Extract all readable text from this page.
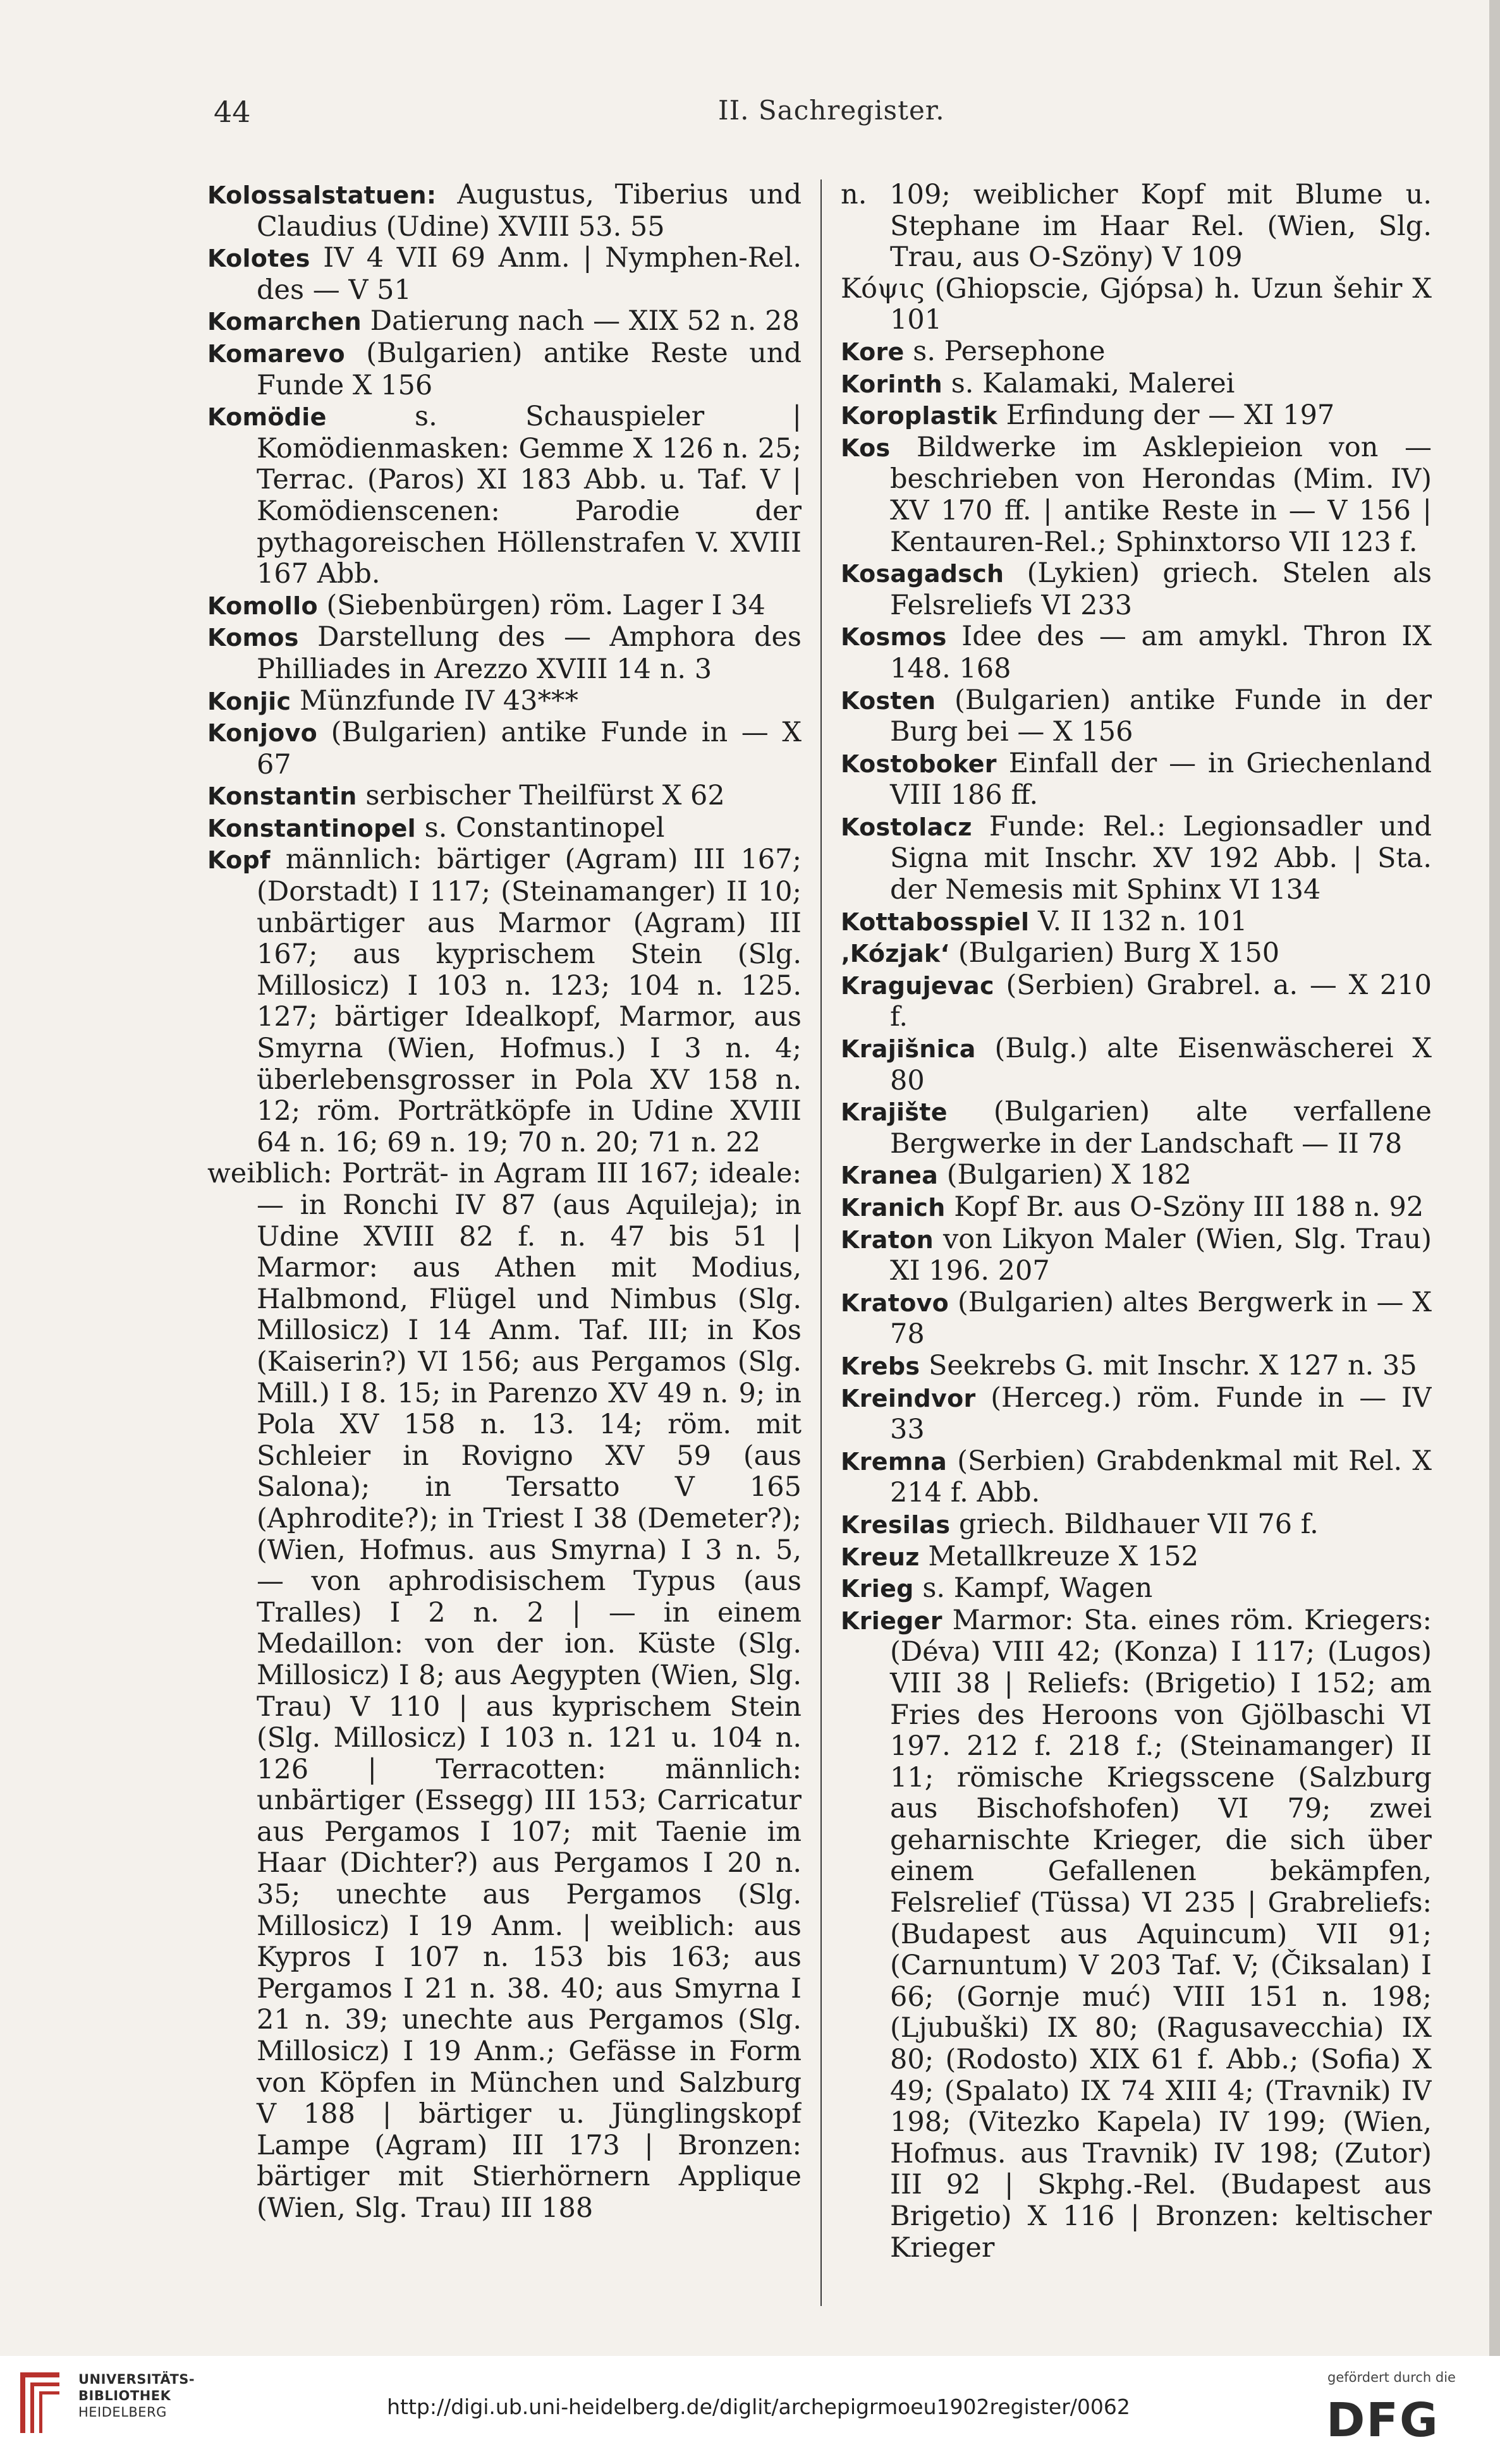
44	II. Sachregister.

Kolossalstatuen: Augustus, Tiberius und Claudius (Udine) XVIII 53. 55

Kolotes IV 4 VII 69 Anm. | Nymphen-Rel. des — V 51

Komarchen Datierung nach — XIX 52 n. 28

Komarevo (Bulgarien) antike Reste und Funde X 156

Komödie	s. Schauspieler | Komödienmasken: Gemme X 126 n. 25; Terrac. (Paros) XI 183 Abb. u. Taf. V | Komödienscenen: Parodie der pythagoreischen Höllenstrafen V. XVIII 167 Abb.

Komollo (Siebenbürgen) röm. Lager I 34

Komos Darstellung des — Amphora des Philliades in Arezzo XVIII 14 n. 3

Konjic Münzfunde IV 43***

Konjovo (Bulgarien) antike Funde in — X 67

Konstantin serbischer Theilfürst X 62

Konstantinopel s. Constantinopel

Kopf männlich: bärtiger (Agram) III 167; (Dorstadt) I 117; (Steinamanger) II 10; unbärtiger aus Marmor (Agram) III 167; aus kyprischem Stein (Slg. Millosicz) I 103 n. 123; 104 n. 125. 127; bärtiger Idealkopf, Marmor, aus Smyrna (Wien, Hofmus.) I 3 n. 4; überlebensgrosser in Pola XV 158 n. 12; röm. Porträtköpfe in Udine XVIII 64 n. 16; 69 n. 19; 70 n. 20; 71 n. 22

weiblich: Porträt- in Agram III 167; ideale: — in Ronchi IV 87 (aus Aquileja); in Udine XVIII 82 f. n. 47 bis 51 | Marmor: aus Athen mit Modius, Halbmond, Flügel und Nimbus (Slg. Millosicz) I 14 Anm. Taf. III; in Kos (Kaiserin?) VI 156; aus Pergamos (Slg. Mill.) I 8. 15; in Parenzo XV 49 n. 9; in Pola XV 158 n. 13. 14; röm. mit Schleier in Rovigno XV 59 (aus Salona); in Tersatto V 165 (Aphrodite?); in Triest I 38 (Demeter?); (Wien, Hofmus. aus Smyrna) I 3 n. 5, — von aphrodisischem Typus (aus Tralles) I 2 n. 2 | — in einem Medaillon: von der ion. Küste (Slg. Millosicz) I 8; aus Aegypten (Wien, Slg. Trau) V 110 | aus kyprischem Stein (Slg. Millosicz) I 103 n. 121 u. 104 n. 126 | Terracotten: männlich: unbärtiger (Essegg) III 153; Carricatur aus Pergamos I 107; mit Taenie im Haar (Dichter?) aus Pergamos I 20 n. 35; unechte aus Pergamos (Slg. Millosicz) I 19 Anm. | weiblich: aus Kypros I 107 n. 153 bis 163; aus Pergamos I 21 n. 38. 40; aus Smyrna I 21 n. 39; unechte aus Pergamos (Slg. Millosicz) I 19 Anm.; Gefässe in Form von Köpfen in München und Salzburg V 188 | bärtiger u. Jünglingskopf Lampe (Agram) III 173 | Bronzen: bärtiger mit Stierhörnern Applique (Wien, Slg. Trau) III 188

n. 109; weiblicher Kopf mit Blume u. Stephane im Haar Rel. (Wien, Slg. Trau, aus O-Szöny) V 109

Κόψις (Ghiopscie, Gjópsa) h. Uzun šehir X 101

Kore s. Persephone

Korinth s. Kalamaki, Malerei

Koroplastik Erfindung der — XI 197

Kos Bildwerke im Asklepieion von — beschrieben von Herondas (Mim. IV) XV 170 ff. | antike Reste in — V 156 | Kentauren-Rel.; Sphinxtorso VII 123 f.

Kosagadsch (Lykien) griech. Stelen als Felsreliefs VI 233

Kosmos Idee des — am amykl. Thron IX 148. 168

Kosten (Bulgarien) antike Funde in der Burg bei — X 156

Kostoboker Einfall der — in Griechenland VIII 186 ff.

Kostolacz Funde: Rel.: Legionsadler und Signa mit Inschr. XV 192 Abb. | Sta. der Nemesis mit Sphinx VI 134

Kottabosspiel V. II 132 n. 101

‚Kózjak‘ (Bulgarien) Burg X 150

Kragujevac (Serbien) Grabrel. a. — X 210 f.

Krajišnica (Bulg.) alte Eisenwäscherei X 80

Krajište (Bulgarien) alte verfallene Bergwerke in der Landschaft — II 78

Kranea (Bulgarien) X 182

Kranich Kopf Br. aus O-Szöny III 188 n. 92

Kraton von Likyon Maler (Wien, Slg. Trau) XI 196. 207

Kratovo (Bulgarien) altes Bergwerk in — X 78

Krebs Seekrebs G. mit Inschr. X 127 n. 35

Kreindvor (Herceg.) röm. Funde in — IV 33

Kremna (Serbien) Grabdenkmal mit Rel. X 214 f. Abb.

Kresilas griech. Bildhauer VII 76 f.

Kreuz Metallkreuze X 152

Krieg s. Kampf, Wagen

Krieger Marmor: Sta. eines röm. Kriegers: (Déva) VIII 42; (Konza) I 117; (Lugos) VIII 38 | Reliefs: (Brigetio) I 152; am Fries des Heroons von Gjölbaschi VI 197. 212 f. 218 f.; (Steinamanger) II 11; römische Kriegsscene (Salzburg aus Bischofshofen) VI 79; zwei geharnischte Krieger, die sich über einem Gefallenen bekämpfen, Felsrelief (Tüssa) VI 235 | Grabreliefs: (Budapest aus Aquincum) VII 91; (Carnuntum) V 203 Taf. V; (Čiksalan) I 66; (Gornje muć) VIII 151 n. 198; (Ljubuški) IX 80; (Ragusavecchia) IX 80; (Rodosto) XIX 61 f. Abb.; (Sofia) X 49; (Spalato) IX 74 XIII 4; (Travnik) IV 198; (Vitezko Kapela) IV 199; (Wien, Hofmus. aus Travnik) IV 198; (Zutor) III 92 | Skphg.-Rel. (Budapest aus Brigetio) X 116 | Bronzen: keltischer Krieger

UNIVERSITÄTS-
BIBLIOTHEK
HEIDELBERG	http://digi.ub.uni-heidelberg.de/diglit/archepigrmoeu1902register/0062
gefördert durch die
DFG
